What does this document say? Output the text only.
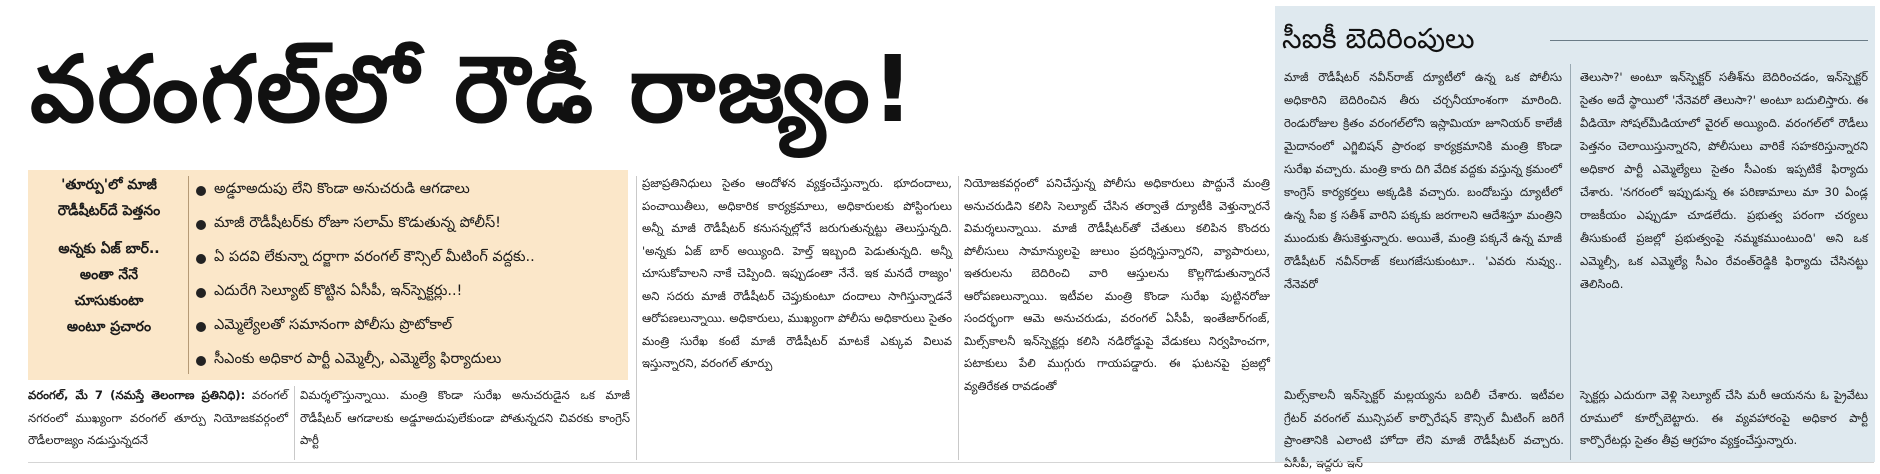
వరంగల్‌లో రౌడీ రాజ్యం!	సీఐకీ బెదిరింపులు

మాజీ రౌడీషీటర్ నవీన్‌రాజ్ ద్యూటీలో ఉన్న ఒక పోలీసు అధికారిని బెదిరించిన తీరు చర్చనీయాంశంగా మారింది. రెండురోజుల క్రితం వరంగల్‌లోని ఇస్లామియా జూనియర్ కాలేజీ మైదానంలో ఎగ్జిబిషన్ ప్రారంభ కార్యక్రమానికి మంత్రి కొండా సురేఖ వచ్చారు. మంత్రి కారు దిగి వేదిక వద్దకు వస్తున్న క్రమంలో కాంగ్రెస్ కార్యకర్తలు అక్కడికి వచ్చారు. బందోబస్తు ద్యూటీలో ఉన్న సీఐ క్ర సతీశ్ వారిని పక్కకు జరగాలని ఆదేశిస్తూ మంత్రిని ముందుకు తీసుకెళ్తున్నారు. అయితే, మంత్రి పక్కనే ఉన్న మాజీ రౌడీషీటర్ నవీన్‌రాజ్ కలుగజేసుకుంటూ.. 'ఎవరు నువ్వు.. నేనెవరో

తెలుసా?' అంటూ ఇన్‌స్పెక్టర్ సతీశ్‌ను బెదిరించడం, ఇన్‌స్పెక్టర్ సైతం అదే స్థాయిలో 'నేనెవరో తెలుసా?' అంటూ బదులిస్తారు. ఈ వీడియో సోషల్‌మీడియాలో వైరల్ అయ్యింది. వరంగల్‌లో రౌడీలు పెత్తనం చెలాయిస్తున్నారని, పోలీసులు వారికే సహకరిస్తున్నారని అధికార పార్టీ ఎమ్మెల్యేలు సైతం సీఎంకు ఇప్పటికే ఫిర్యాదు చేశారు. 'నగరంలో ఇప్పుడున్న ఈ పరిణామాలు మా 30 ఏండ్ల రాజకీయం ఎప్పుడూ చూడలేదు. ప్రభుత్వ పరంగా చర్యలు తీసుకుంటే ప్రజల్లో ప్రభుత్వంపై నమ్మకముంటుంది' అని ఒక ఎమ్మెల్సీ, ఒక ఎమ్మెల్యే సీఎం రేవంత్‌రెడ్డికి ఫిర్యాదు చేసినట్టు తెలిసింది.

'తూర్పు'లో మాజీ
రౌడీషీటర్‌దే పెత్తనం
అన్నకు ఏజ్ బార్..
అంతా నేనే
చూసుకుంటా
అంటూ ప్రచారం
అడ్డూఅదుపు లేని కొండా అనుచరుడి ఆగడాలు
మాజీ రౌడీషీటర్‌కు రోజూ సలామ్ కొడుతున్న పోలీస్!
ఏ పదవి లేకున్నా దర్జాగా వరంగల్ కౌన్సిల్ మీటింగ్ వద్దకు..
ఎదురేగి సెల్యూట్ కొట్టిన ఏసీపీ, ఇన్‌స్పెక్టర్లు..!
ఎమ్మెల్యేలతో సమానంగా పోలీసు ప్రొటోకాల్
సీఎంకు అధికార పార్టీ ఎమ్మెల్సీ, ఎమ్మెల్యే ఫిర్యాదులు

వరంగల్, మే 7 (నమస్తే తెలంగాణ ప్రతినిధి): వరంగల్ నగరంలో ముఖ్యంగా వరంగల్ తూర్పు నియోజకవర్గంలో రౌడీలరాజ్యం నడుస్తున్నదనే

విమర్శలొస్తున్నాయి. మంత్రి కొండా సురేఖ అనుచరుడైన ఒక మాజీ రౌడీషీటర్ ఆగడాలకు అడ్డూఅదుపులేకుండా పోతున్నదని చివరకు కాంగ్రెస్ పార్టీ

ప్రజాప్రతినిధులు సైతం ఆందోళన వ్యక్తంచేస్తున్నారు. భూదందాలు, పంచాయితీలు, అధికారిక కార్యక్రమాలు, అధికారులకు పోస్టింగులు అన్నీ మాజీ రౌడీషీటర్ కనుసన్నల్లోనే జరుగుతున్నట్టు తెలుస్తున్నది. 'అన్నకు ఏజ్ బార్ అయ్యింది. హెల్త్ ఇబ్బంది పెడుతున్నది. అన్నీ చూసుకోవాలని నాకే చెప్పింది. ఇప్పుడంతా నేనే. ఇక మనదే రాజ్యం' అని సదరు మాజీ రౌడీషీటర్ చెప్తుకుంటూ దందాలు సాగిస్తున్నాడనే ఆరోపణలున్నాయి. అధికారులు, ముఖ్యంగా పోలీసు అధికారులు సైతం మంత్రి సురేఖ కంటే మాజీ రౌడీషీటర్ మాటకే ఎక్కువ విలువ ఇస్తున్నారని, వరంగల్ తూర్పు

నియోజకవర్గంలో పనిచేస్తున్న పోలీసు అధికారులు పొద్దునే మంత్రి అనుచరుడిని కలిసి సెల్యూట్ చేసిన తర్వాతే ద్యూటీకి వెళ్తున్నారనే విమర్శలున్నాయి. మాజీ రౌడీషీటర్‌తో చేతులు కలిపిన కొందరు పోలీసులు సామాన్యులపై జులుం ప్రదర్శిస్తున్నారని, వ్యాపారులు, ఇతరులను బెదిరించి వారి ఆస్తులను కొల్లగొడుతున్నారనే ఆరోపణలున్నాయి. ఇటీవల మంత్రి కొండా సురేఖ పుట్టినరోజు సందర్భంగా ఆమె అనుచరుడు, వరంగల్ ఏసీపీ, ఇంతేజార్‌గంజ్, మిల్స్‌కాలనీ ఇన్‌స్పెక్టర్లు కలిసి నడిరోడ్డుపై వేడుకలు నిర్వహించగా, పటాకులు పేలి ముగ్గురు గాయపడ్డారు. ఈ ఘటనపై ప్రజల్లో వ్యతిరేకత రావడంతో

మిల్స్‌కాలనీ ఇన్‌స్పెక్టర్ మల్లయ్యను బదిలీ చేశారు. ఇటీవల గ్రేటర్ వరంగల్ మున్సిపల్ కార్పొరేషన్ కౌన్సిల్ మీటింగ్ జరిగే ప్రాంతానికి ఎలాంటి హోదా లేని మాజీ రౌడీషీటర్ వచ్చారు. ఏసీపీ, ఇద్దరు ఇన్

స్పెక్టర్లు ఎదురుగా వెళ్లి సెల్యూట్ చేసి మరీ ఆయనను ఓ ప్రైవేటు రూములో కూర్చోబెట్టారు. ఈ వ్యవహారంపై అధికార పార్టీ కార్పొరేటర్లు సైతం తీవ్ర ఆగ్రహం వ్యక్తంచేస్తున్నారు.
